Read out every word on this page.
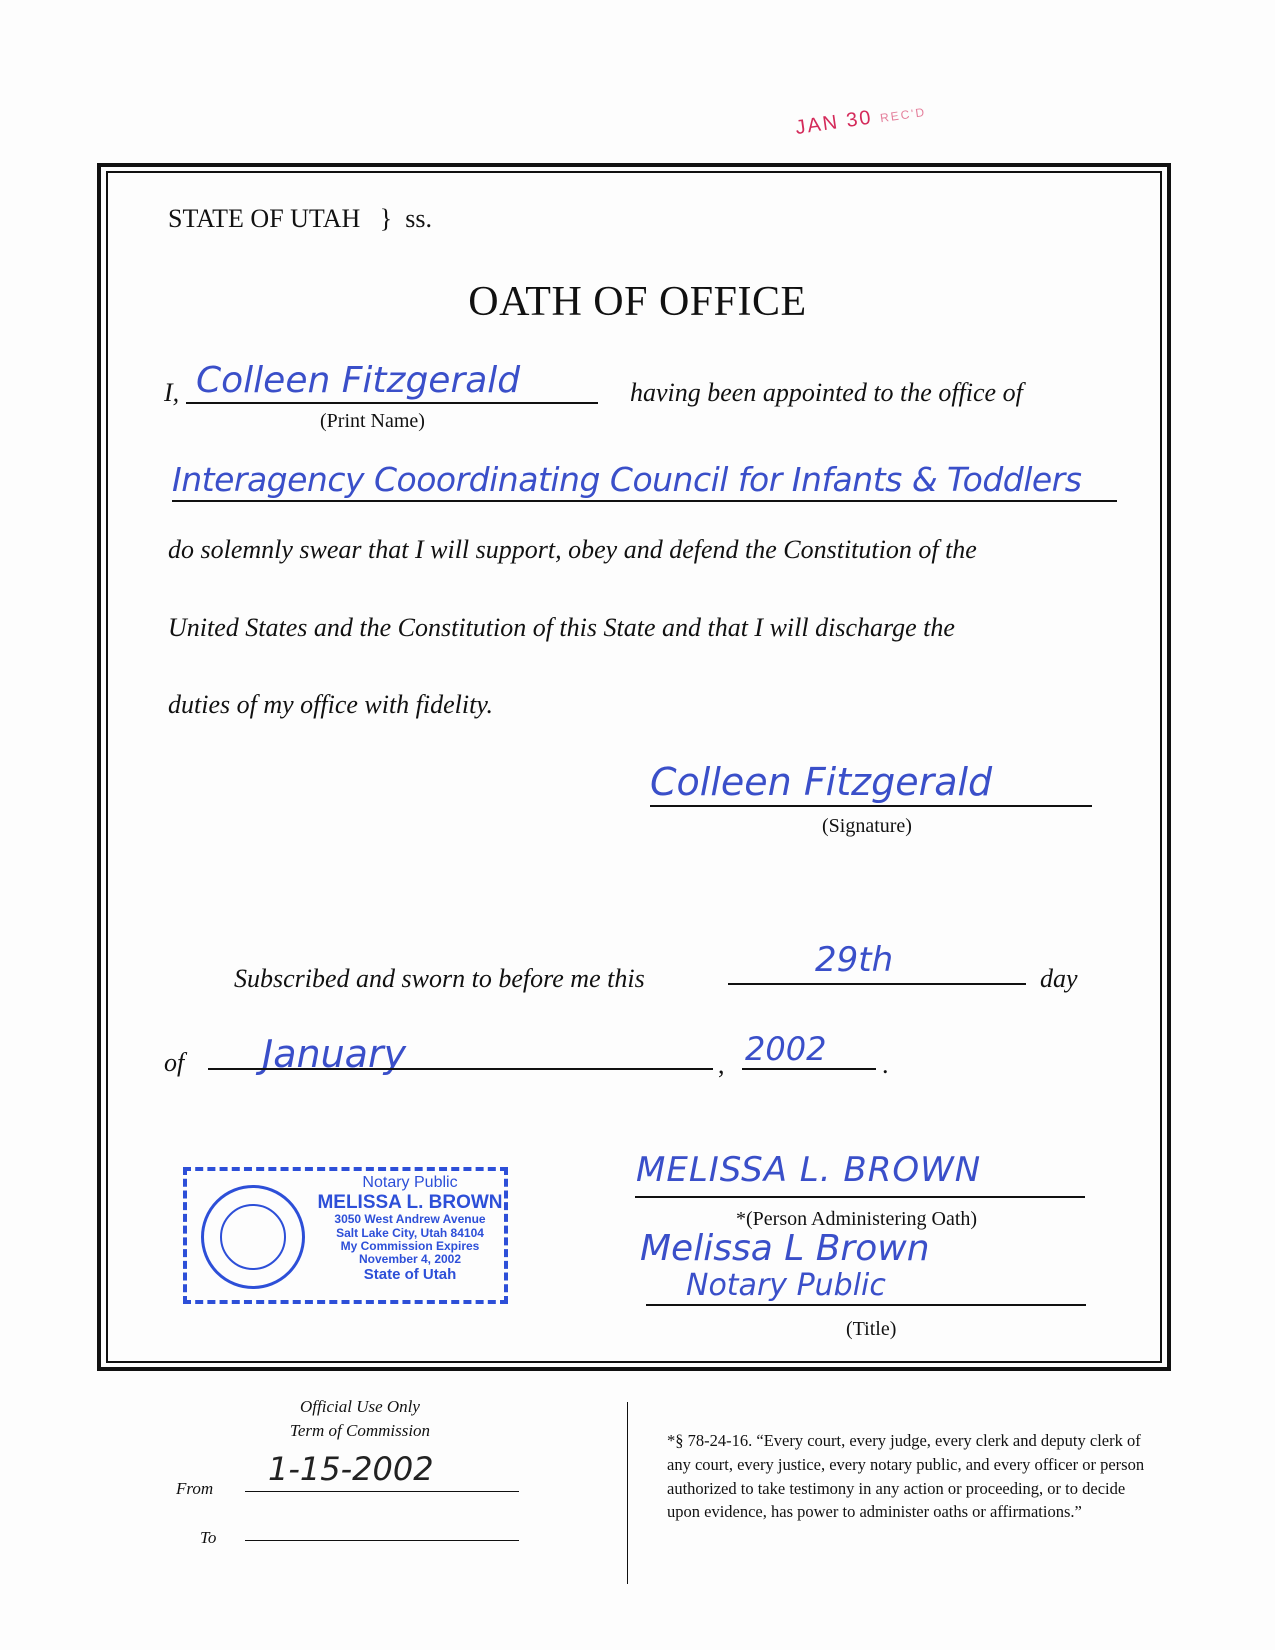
JAN 30 REC'D
STATE OF UTAH } ss.
OATH OF OFFICE
I, Colleen Fitzgerald
(Print Name)
having been appointed to the office of
Interagency Cooordinating Council for Infants & Toddlers
do solemnly swear that I will support, obey and defend the Constitution of the
United States and the Constitution of this State and that I will discharge the
duties of my office with fidelity.
Colleen Fitzgerald
(Signature)
Subscribed and sworn to before me this	29th	day
of January	, 2002 .
Notary Public
MELISSA L. BROWN
3050 West Andrew Avenue
Salt Lake City, Utah 84104
My Commission Expires
November 4, 2002
State of Utah
MELISSA L. BROWN
*(Person Administering Oath)
Melissa L Brown
Notary Public
(Title)
Official Use Only
Term of Commission
From
1-15-2002
To
*§ 78-24-16. “Every court, every judge, every clerk and deputy clerk of any court, every justice, every notary public, and every officer or person authorized to take testimony in any action or proceeding, or to decide upon evidence, has power to administer oaths or affirmations.”
